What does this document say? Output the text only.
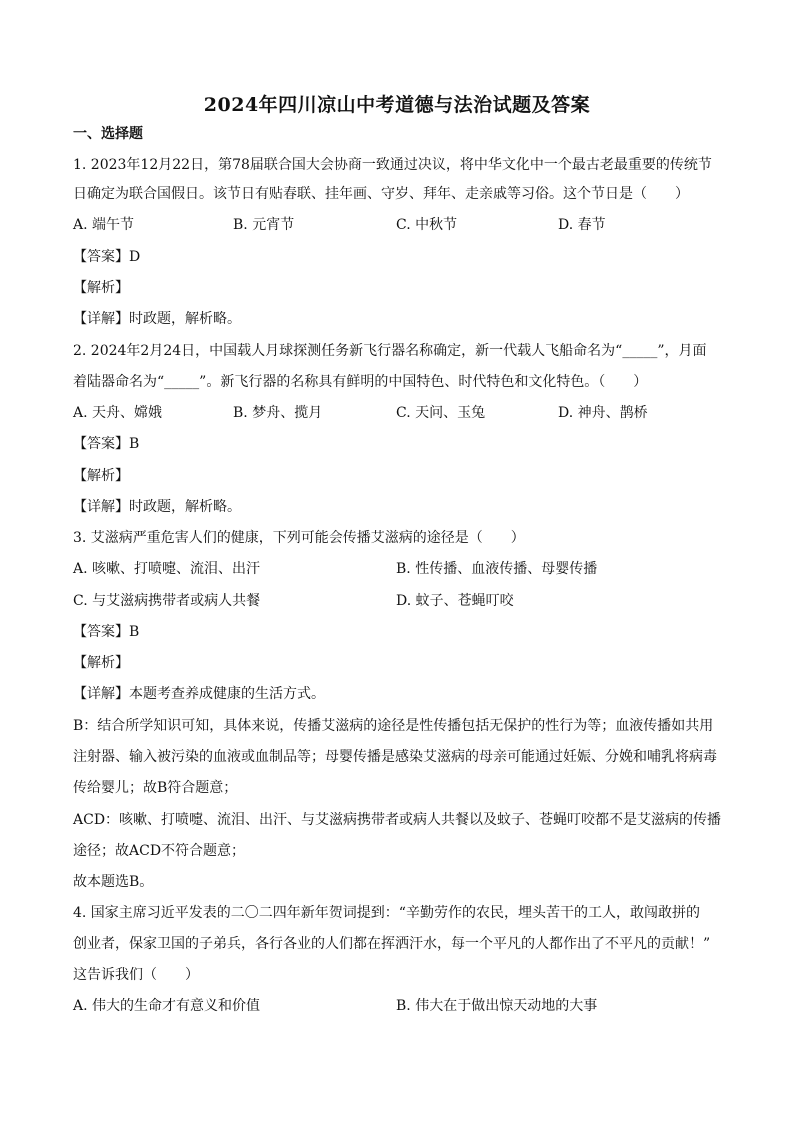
2024年四川凉山中考道德与法治试题及答案
一、选择题
1. 2023年12月22日，第78届联合国大会协商一致通过决议，将中华文化中一个最古老最重要的传统节
日确定为联合国假日。该节日有贴春联、挂年画、守岁、拜年、走亲戚等习俗。这个节日是（　　）
A. 端午节	B. 元宵节	C. 中秋节	D. 春节
【答案】D
【解析】
【详解】时政题，解析略。
2. 2024年2月24日，中国载人月球探测任务新飞行器名称确定，新一代载人飞船命名为“_____”，月面
着陆器命名为“_____”。新飞行器的名称具有鲜明的中国特色、时代特色和文化特色。（　　）
A. 天舟、嫦娥	B. 梦舟、揽月	C. 天问、玉兔	D. 神舟、鹊桥
【答案】B
【解析】
【详解】时政题，解析略。
3. 艾滋病严重危害人们的健康，下列可能会传播艾滋病的途径是（　　）
A. 咳嗽、打喷嚏、流泪、出汗	B. 性传播、血液传播、母婴传播
C. 与艾滋病携带者或病人共餐	D. 蚊子、苍蝇叮咬
【答案】B
【解析】
【详解】本题考查养成健康的生活方式。
B：结合所学知识可知，具体来说，传播艾滋病的途径是性传播包括无保护的性行为等；血液传播如共用
注射器、输入被污染的血液或血制品等；母婴传播是感染艾滋病的母亲可能通过妊娠、分娩和哺乳将病毒
传给婴儿；故B符合题意；
ACD：咳嗽、打喷嚏、流泪、出汗、与艾滋病携带者或病人共餐以及蚊子、苍蝇叮咬都不是艾滋病的传播
途径；故ACD不符合题意；
故本题选B。
4. 国家主席习近平发表的二〇二四年新年贺词提到：“辛勤劳作的农民，埋头苦干的工人，敢闯敢拼的
创业者，保家卫国的子弟兵，各行各业的人们都在挥洒汗水，每一个平凡的人都作出了不平凡的贡献！”
这告诉我们（　　）
A. 伟大的生命才有意义和价值	B. 伟大在于做出惊天动地的大事
